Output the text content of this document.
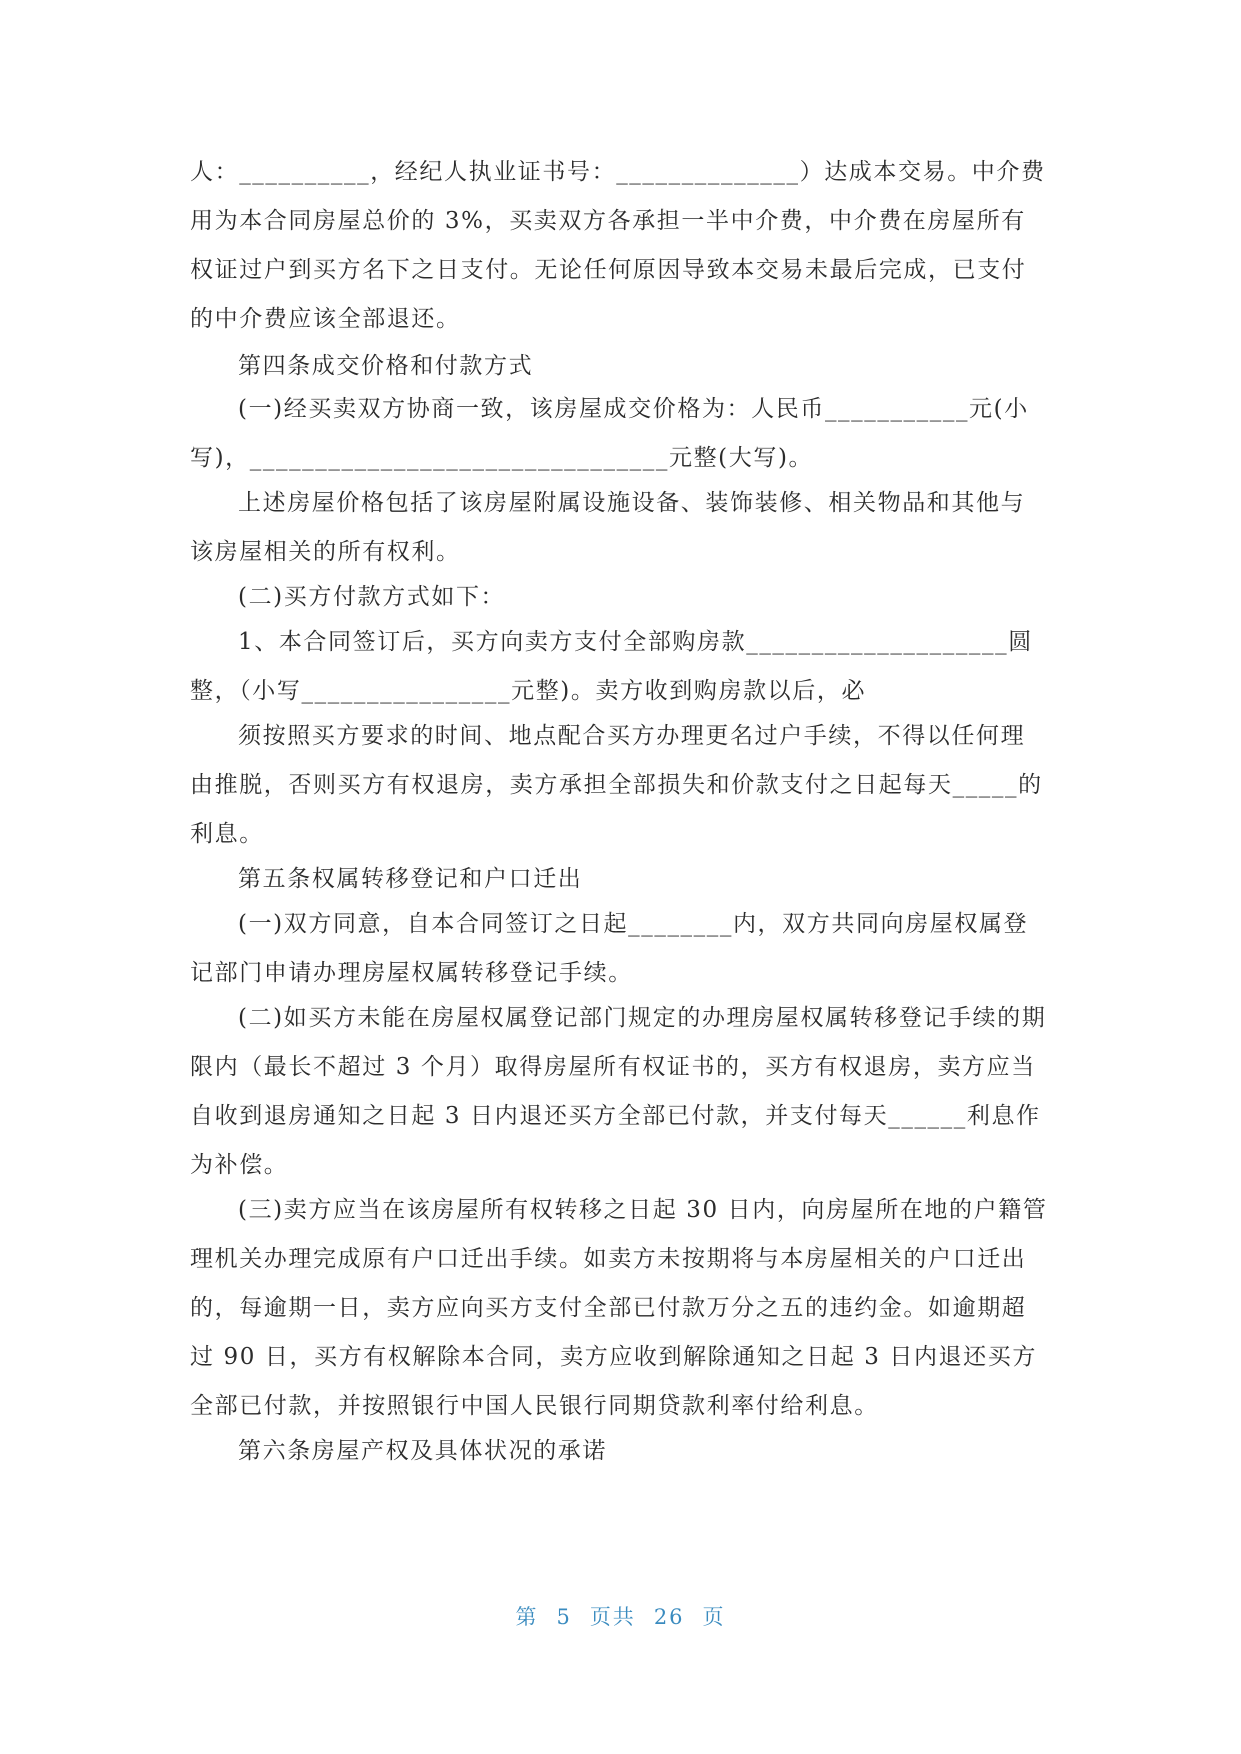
人：__________，经纪人执业证书号：______________）达成本交易。中介费用为本合同房屋总价的 3%，买卖双方各承担一半中介费，中介费在房屋所有权证过户到买方名下之日支付。无论任何原因导致本交易未最后完成，已支付的中介费应该全部退还。

第四条成交价格和付款方式

(一)经买卖双方协商一致，该房屋成交价格为：人民币___________元(小写)，________________________________元整(大写)。

上述房屋价格包括了该房屋附属设施设备、装饰装修、相关物品和其他与该房屋相关的所有权利。

(二)买方付款方式如下：

1、本合同签订后，买方向卖方支付全部购房款____________________圆整，（小写________________元整)。卖方收到购房款以后，必

须按照买方要求的时间、地点配合买方办理更名过户手续，不得以任何理由推脱，否则买方有权退房，卖方承担全部损失和价款支付之日起每天_____的利息。

第五条权属转移登记和户口迁出

(一)双方同意，自本合同签订之日起________内，双方共同向房屋权属登记部门申请办理房屋权属转移登记手续。

(二)如买方未能在房屋权属登记部门规定的办理房屋权属转移登记手续的期限内（最长不超过 3 个月）取得房屋所有权证书的，买方有权退房，卖方应当自收到退房通知之日起 3 日内退还买方全部已付款，并支付每天______利息作为补偿。

(三)卖方应当在该房屋所有权转移之日起 30 日内，向房屋所在地的户籍管理机关办理完成原有户口迁出手续。如卖方未按期将与本房屋相关的户口迁出的，每逾期一日，卖方应向买方支付全部已付款万分之五的违约金。如逾期超过 90 日，买方有权解除本合同，卖方应收到解除通知之日起 3 日内退还买方全部已付款，并按照银行中国人民银行同期贷款利率付给利息。

第六条房屋产权及具体状况的承诺

第 5 页共 26 页
